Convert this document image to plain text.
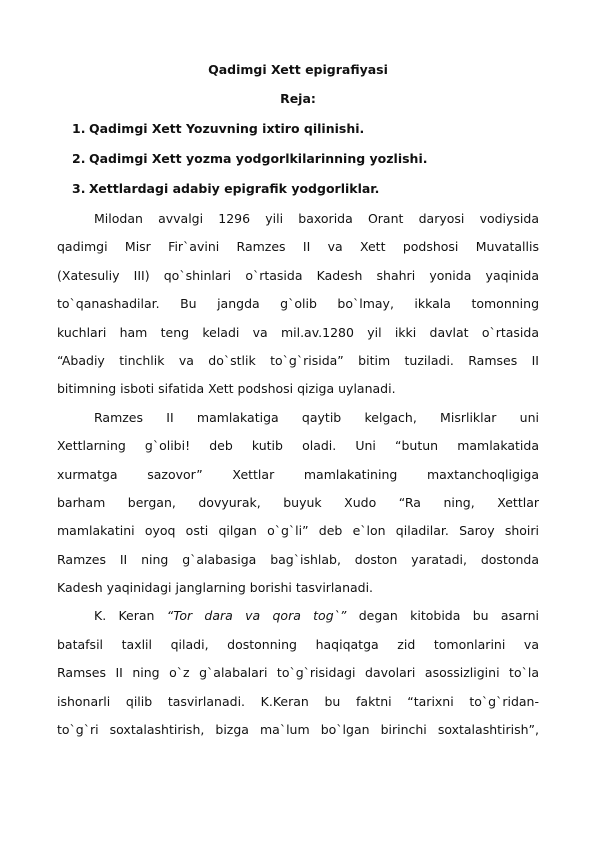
Qadimgi Xett epigrafiyasi
Reja:
1. Qadimgi Xett Yozuvning ixtiro qilinishi.
2. Qadimgi Xett yozma yodgorlkilarinning yozlishi.
3. Xettlardagi adabiy epigrafik yodgorliklar.
Milodan avvalgi 1296 yili baxorida Orant daryosi vodiysida
qadimgi Misr Fir`avini Ramzes II va Xett podshosi Muvatallis
(Xatesuliy III) qo`shinlari o`rtasida Kadesh shahri yonida yaqinida
to`qanashadilar. Bu jangda g`olib bo`lmay, ikkala tomonning
kuchlari ham teng keladi va mil.av.1280 yil ikki davlat o`rtasida
“Abadiy tinchlik va do`stlik to`g`risida” bitim tuziladi. Ramses II
bitimning isboti sifatida Xett podshosi qiziga uylanadi.
Ramzes II mamlakatiga qaytib kelgach, Misrliklar uni
Xettlarning g`olibi! deb kutib oladi. Uni “butun mamlakatida
xurmatga sazovor” Xettlar mamlakatining maxtanchoqligiga
barham bergan, dovyurak, buyuk Xudo “Ra ning, Xettlar
mamlakatini oyoq osti qilgan o`g`li” deb e`lon qiladilar. Saroy shoiri
Ramzes II ning g`alabasiga bag`ishlab, doston yaratadi, dostonda
Kadesh yaqinidagi janglarning borishi tasvirlanadi.
K. Keran “Tor dara va qora tog`” degan kitobida bu asarni
batafsil taxlil qiladi, dostonning haqiqatga zid tomonlarini va
Ramses II ning o`z g`alabalari to`g`risidagi davolari asossizligini to`la
ishonarli qilib tasvirlanadi. K.Keran bu faktni “tarixni to`g`ridan-
to`g`ri soxtalashtirish, bizga ma`lum bo`lgan birinchi soxtalashtirish”,
